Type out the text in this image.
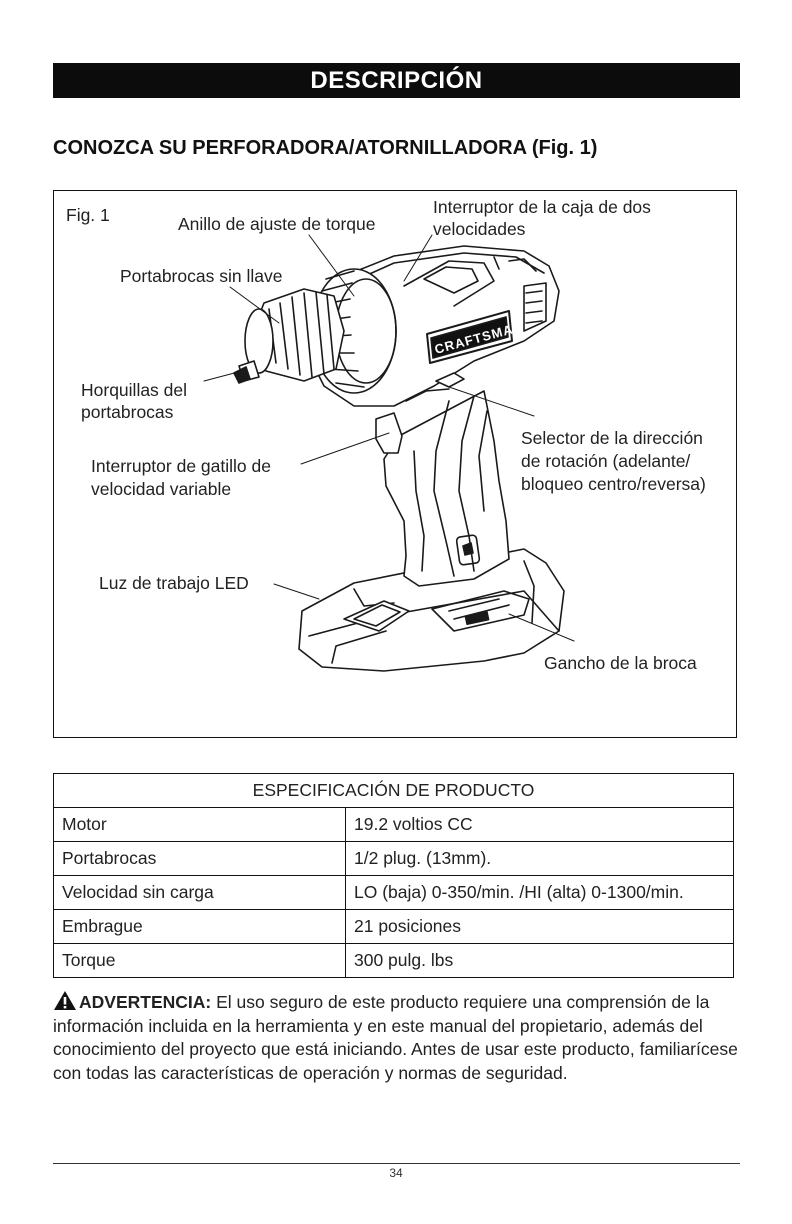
DESCRIPCIÓN
CONOZCA SU PERFORADORA/ATORNILLADORA (Fig. 1)
CRAFTSMAN
Fig. 1	Anillo de ajuste de torque
Interruptor de la caja de dos
velocidades
Portabrocas sin llave
Horquillas del
portabrocas
Selector de la dirección
de rotación (adelante/
bloqueo centro/reversa)
Interruptor de gatillo de
velocidad variable
Luz de trabajo LED
Gancho de la broca
ESPECIFICACIÓN DE PRODUCTO	
Motor	19.2 voltios CC
Portabrocas	1/2 plug. (13mm).
Velocidad sin carga	LO (baja) 0-350/min. /HI (alta) 0-1300/min.
Embrague	21 posiciones
Torque	300 pulg. lbs
ADVERTENCIA: El uso seguro de este producto requiere una comprensión de la información incluida en la herramienta y en este manual del propietario, además del conocimiento del proyecto que está iniciando. Antes de usar este producto, familiarícese con todas las características de operación y normas de seguridad.
34
